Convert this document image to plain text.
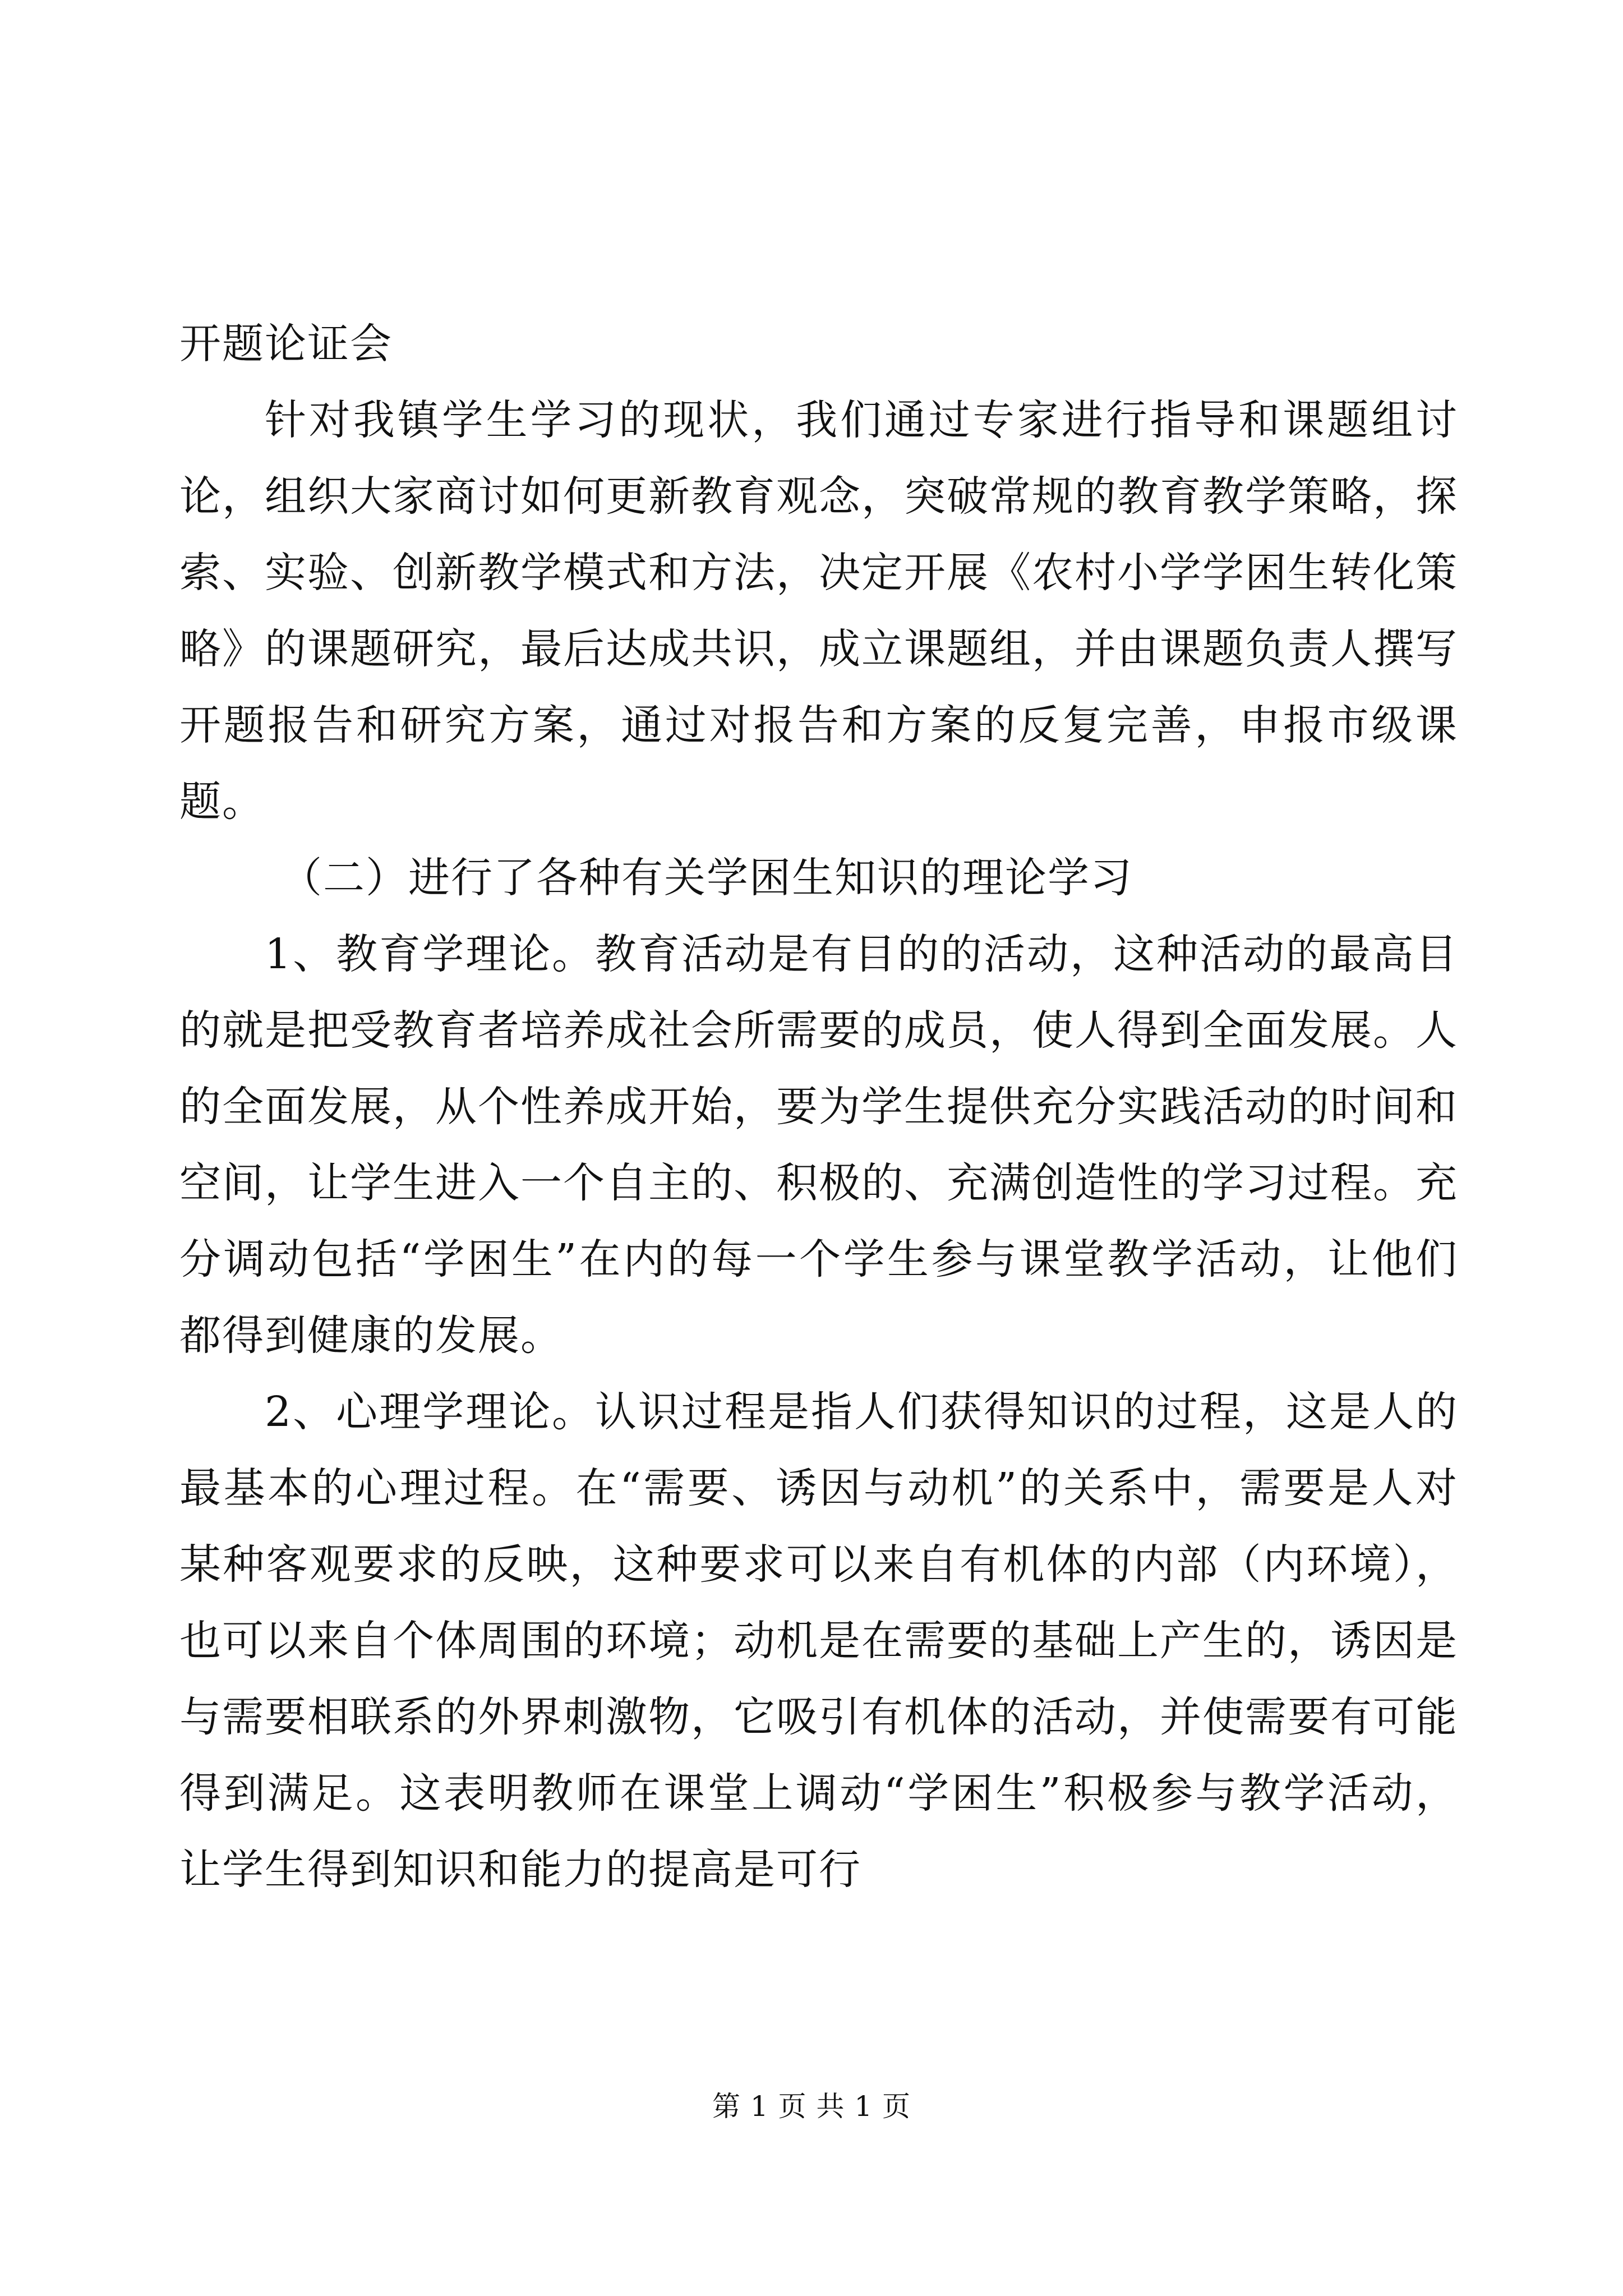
开题论证会

针对我镇学生学习的现状，我们通过专家进行指导和课题组讨论，组织大家商讨如何更新教育观念，突破常规的教育教学策略，探索、实验、创新教学模式和方法，决定开展《农村小学学困生转化策略》的课题研究，最后达成共识，成立课题组，并由课题负责人撰写开题报告和研究方案，通过对报告和方案的反复完善，申报市级课题。

（二）进行了各种有关学困生知识的理论学习

1、教育学理论。教育活动是有目的的活动，这种活动的最高目的就是把受教育者培养成社会所需要的成员，使人得到全面发展。人的全面发展，从个性养成开始，要为学生提供充分实践活动的时间和空间，让学生进入一个自主的、积极的、充满创造性的学习过程。充分调动包括“学困生”在内的每一个学生参与课堂教学活动，让他们都得到健康的发展。

2、心理学理论。认识过程是指人们获得知识的过程，这是人的最基本的心理过程。在“需要、诱因与动机”的关系中，需要是人对某种客观要求的反映，这种要求可以来自有机体的内部（内环境），也可以来自个体周围的环境；动机是在需要的基础上产生的，诱因是与需要相联系的外界刺激物，它吸引有机体的活动，并使需要有可能得到满足。这表明教师在课堂上调动“学困生”积极参与教学活动，让学生得到知识和能力的提高是可行

第 1 页 共 1 页
